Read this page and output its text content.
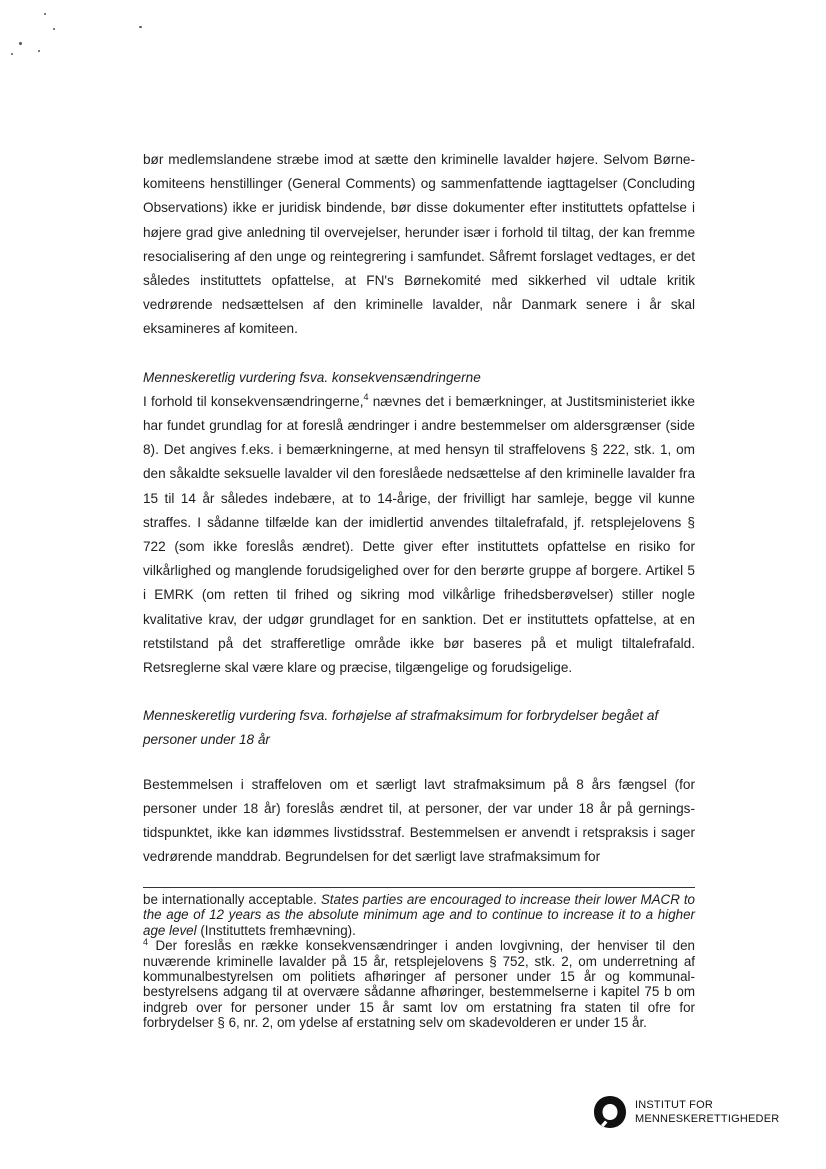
bør medlemslandene stræbe imod at sætte den kriminelle lavalder højere. Selvom Børnekomiteens henstillinger (General Comments) og sammenfattende iagttagelser (Concluding Observations) ikke er juridisk bindende, bør disse dokumenter efter instituttets opfattelse i højere grad give anledning til overvejelser, herunder især i forhold til tiltag, der kan fremme resocialisering af den unge og reintegrering i samfundet. Såfremt forslaget vedtages, er det således instituttets opfattelse, at FN's Børnekomité med sikkerhed vil udtale kritik vedrørende nedsættelsen af den kriminelle lavalder, når Danmark senere i år skal eksamineres af komiteen.

Menneskeretlig vurdering fsva. konsekvensændringerne

I forhold til konsekvensændringerne,$^4$ nævnes det i bemærkninger, at Justitsministeriet ikke har fundet grundlag for at foreslå ændringer i andre bestemmelser om aldersgrænser (side 8). Det angives f.eks. i bemærkningerne, at med hensyn til straffelovens § 222, stk. 1, om den såkaldte seksuelle lavalder vil den foreslåede nedsættelse af den kriminelle lavalder fra 15 til 14 år således indebære, at to 14-årige, der frivilligt har samleje, begge vil kunne straffes. I sådanne tilfælde kan der imidlertid anvendes tiltalefrafald, jf. retsplejelovens § 722 (som ikke foreslås ændret). Dette giver efter instituttets opfattelse en risiko for vilkårlighed og manglende forudsigelighed over for den berørte gruppe af borgere. Artikel 5 i EMRK (om retten til frihed og sikring mod vilkårlige frihedsberøvelser) stiller nogle kvalitative krav, der udgør grundlaget for en sanktion. Det er instituttets opfattelse, at en retstilstand på det strafferetlige område ikke bør baseres på et muligt tiltalefrafald. Retsreglerne skal være klare og præcise, tilgængelige og forudsigelige.

Menneskeretlig vurdering fsva. forhøjelse af strafmaksimum for forbrydelser begået af personer under 18 år

Bestemmelsen i straffeloven om et særligt lavt strafmaksimum på 8 års fængsel (for personer under 18 år) foreslås ændret til, at personer, der var under 18 år på gerningstidspunktet, ikke kan idømmes livstidsstraf. Bestemmelsen er anvendt i retspraksis i sager vedrørende manddrab. Begrundelsen for det særligt lave strafmaksimum for

be internationally acceptable. States parties are encouraged to increase their lower MACR to the age of 12 years as the absolute minimum age and to continue to increase it to a higher age level (Instituttets fremhævning).

$^4$ Der foreslås en række konsekvensændringer i anden lovgivning, der henviser til den nuværende kriminelle lavalder på 15 år, retsplejelovens § 752, stk. 2, om underretning af kommunalbestyrelsen om politiets afhøringer af personer under 15 år og kommunalbestyrelsens adgang til at overvære sådanne afhøringer, bestemmelserne i kapitel 75 b om indgreb over for personer under 15 år samt lov om erstatning fra staten til ofre for forbrydelser § 6, nr. 2, om ydelse af erstatning selv om skadevolderen er under 15 år.

INSTITUT FOR
MENNESKERETTIGHEDER
